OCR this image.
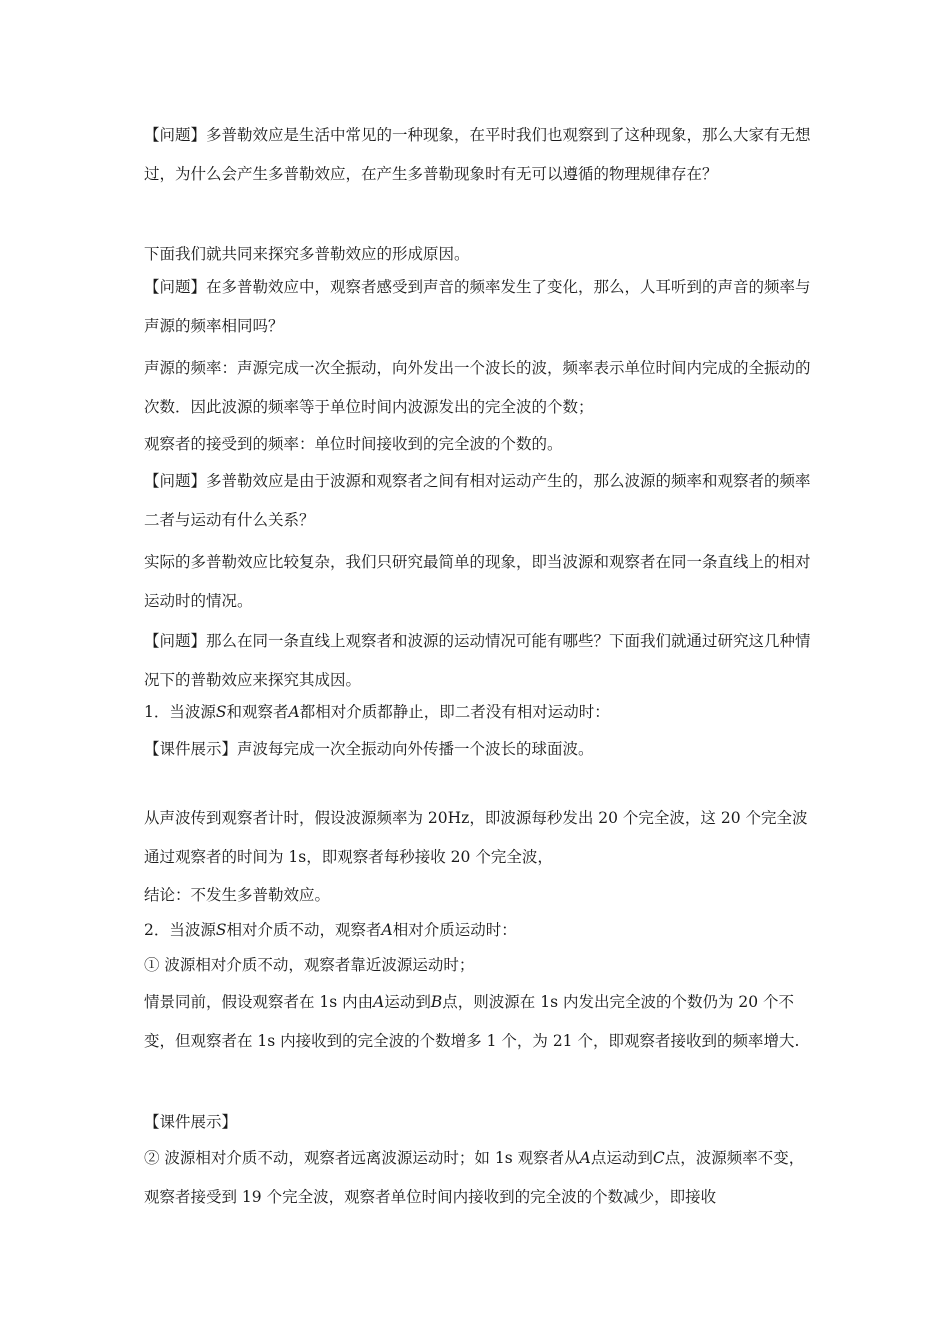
【问题】多普勒效应是生活中常见的一种现象，在平时我们也观察到了这种现象，那么大家有无想过，为什么会产生多普勒效应，在产生多普勒现象时有无可以遵循的物理规律存在？

下面我们就共同来探究多普勒效应的形成原因。

【问题】在多普勒效应中，观察者感受到声音的频率发生了变化，那么，人耳听到的声音的频率与声源的频率相同吗？

声源的频率：声源完成一次全振动，向外发出一个波长的波，频率表示单位时间内完成的全振动的次数．因此波源的频率等于单位时间内波源发出的完全波的个数；

观察者的接受到的频率：单位时间接收到的完全波的个数的。

【问题】多普勒效应是由于波源和观察者之间有相对运动产生的，那么波源的频率和观察者的频率二者与运动有什么关系？

实际的多普勒效应比较复杂，我们只研究最简单的现象，即当波源和观察者在同一条直线上的相对运动时的情况。

【问题】那么在同一条直线上观察者和波源的运动情况可能有哪些？下面我们就通过研究这几种情况下的普勒效应来探究其成因。

1．当波源S和观察者A都相对介质都静止，即二者没有相对运动时：

【课件展示】声波每完成一次全振动向外传播一个波长的球面波。

从声波传到观察者计时，假设波源频率为 20Hz，即波源每秒发出 20 个完全波，这 20 个完全波通过观察者的时间为 1s，即观察者每秒接收 20 个完全波，

结论：不发生多普勒效应。

2．当波源S相对介质不动，观察者A相对介质运动时：

① 波源相对介质不动，观察者靠近波源运动时；

情景同前，假设观察者在 1s 内由A运动到B点，则波源在 1s 内发出完全波的个数仍为 20 个不变，但观察者在 1s 内接收到的完全波的个数增多 1 个，为 21 个，即观察者接收到的频率增大.

【课件展示】

② 波源相对介质不动，观察者远离波源运动时；如 1s 观察者从A点运动到C点，波源频率不变，观察者接受到 19 个完全波，观察者单位时间内接收到的完全波的个数减少，即接收
